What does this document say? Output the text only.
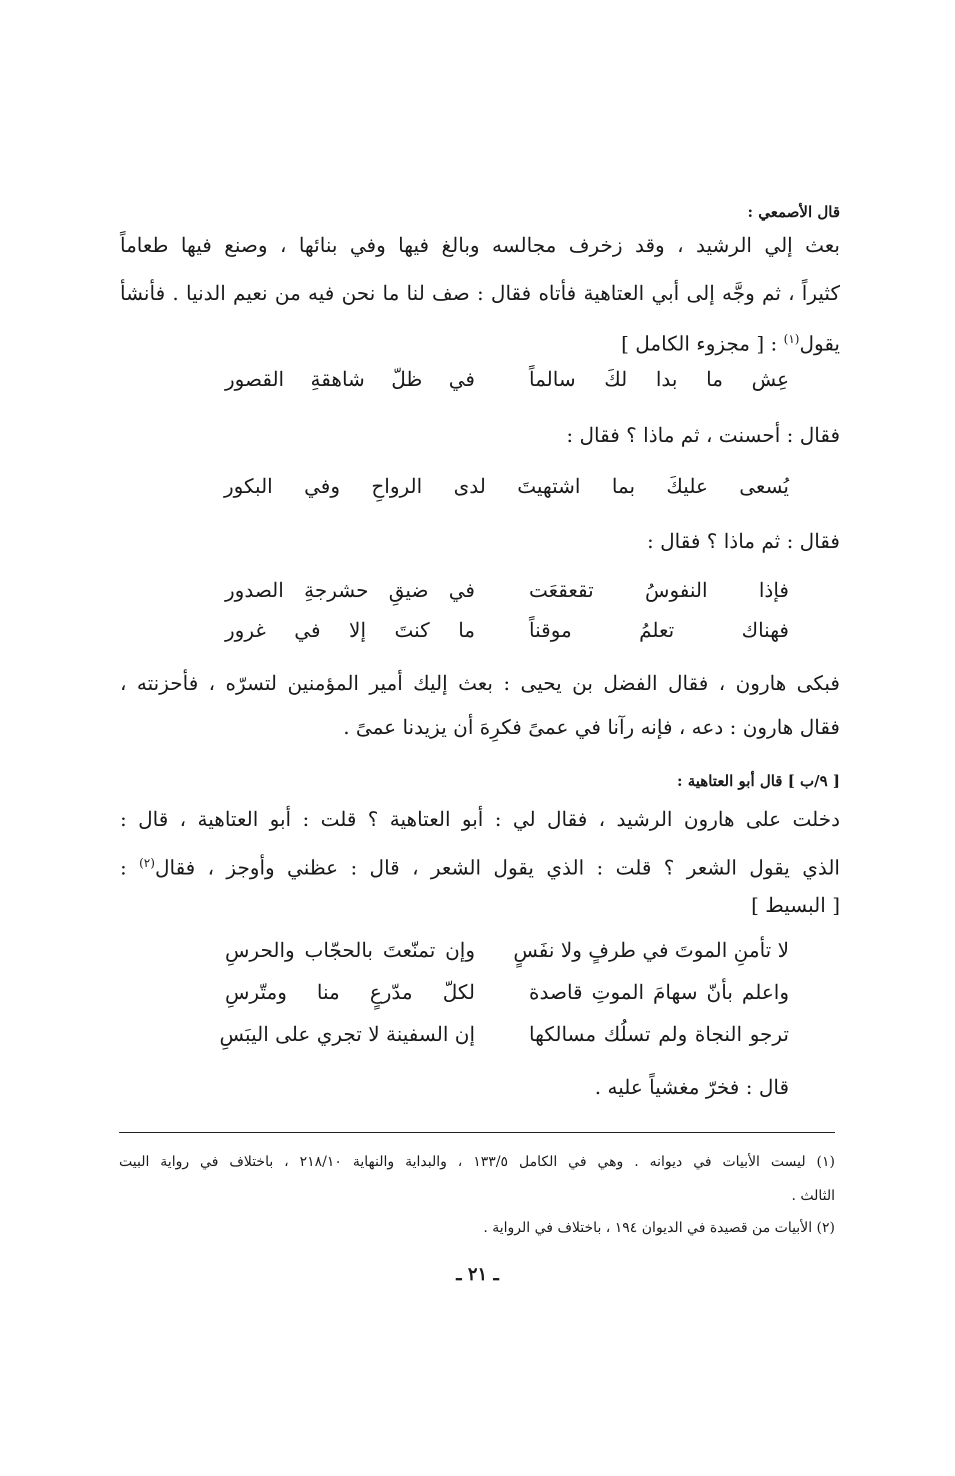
قال الأصمعي :
بعث إلي الرشيد ، وقد زخرف مجالسه وبالغ فيها وفي بنائها ، وصنع فيها طعاماً
كثيراً ، ثم وجَّه إلى أبي العتاهية فأتاه فقال : صف لنا ما نحن فيه من نعيم الدنيا . فأنشأ
يقول$^{(١)}$ : [ مجزوء الكامل ]
عِش ما بدا لكَ سالماً
في ظلّ شاهقةِ القصور
فقال : أحسنت ، ثم ماذا ؟ فقال :
يُسعى عليكَ بما اشتهيتَ لدى الرواحِ وفي البكور
فقال : ثم ماذا ؟ فقال :
فإذا النفوسُ تقعقعَت
في ضيقِ حشرجةِ الصدور
فهناك تعلمُ موقناً
ما كنتَ إلا في غرور
فبكى هارون ، فقال الفضل بن يحيى : بعث إليك أمير المؤمنين لتسرّه ، فأحزنته ،
فقال هارون : دعه ، فإنه رآنا في عمىً فكرِهَ أن يزيدنا عمىً .
[ ٩/ب ] قال أبو العتاهية :
دخلت على هارون الرشيد ، فقال لي : أبو العتاهية ؟ قلت : أبو العتاهية ، قال :
الذي يقول الشعر ؟ قلت : الذي يقول الشعر ، قال : عظني وأوجز ، فقال$^{(٢)}$ :
[ البسيط ]
لا تأمنِ الموتَ في طرفٍ ولا نفَسٍ
وإن تمنّعتَ بالحجّاب والحرسِ
واعلم بأنّ سهامَ الموتِ قاصدة
لكلّ مدّرعٍ منا ومتّرسِ
ترجو النجاة ولم تسلُك مسالكها
إن السفينة لا تجري على اليبَسِ
قال : فخرّ مغشياً عليه .
(١) ليست الأبيات في ديوانه . وهي في الكامل ١٣٣/٥ ، والبداية والنهاية ٢١٨/١٠ ، باختلاف في رواية البيت
الثالث .
(٢) الأبيات من قصيدة في الديوان ١٩٤ ، باختلاف في الرواية .
ـ ٢١ ـ
